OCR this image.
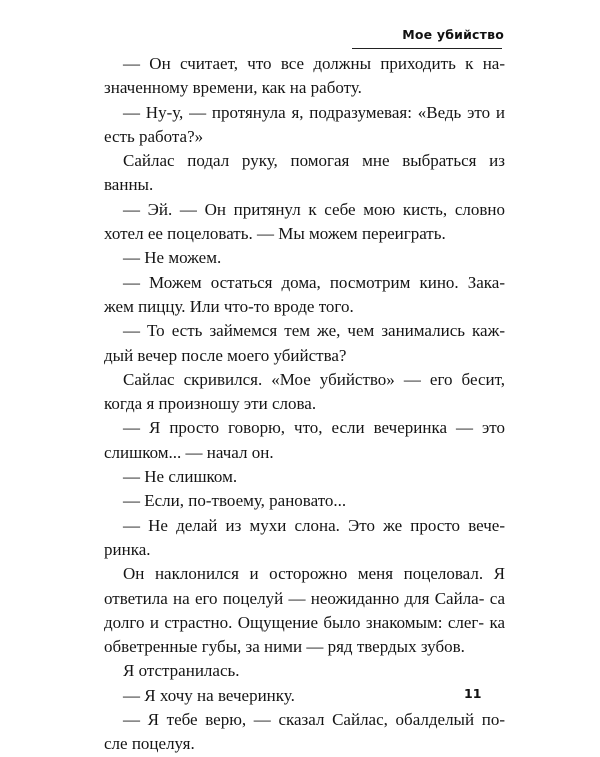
Мое убийство

— Он считает, что все должны приходить к на- значенному времени, как на работу.

— Ну-у, — протянула я, подразумевая: «Ведь это и есть работа?»

Сайлас подал руку, помогая мне выбраться из ванны.

— Эй. — Он притянул к себе мою кисть, словно хотел ее поцеловать. — Мы можем переиграть.

— Не можем.

— Можем остаться дома, посмотрим кино. Зака- жем пиццу. Или что-то вроде того.

— То есть займемся тем же, чем занимались каж- дый вечер после моего убийства?

Сайлас скривился. «Мое убийство» — его бесит, когда я произношу эти слова.

— Я просто говорю, что, если вечеринка — это слишком... — начал он.

— Не слишком.

— Если, по-твоему, рановато...

— Не делай из мухи слона. Это же просто вече- ринка.

Он наклонился и осторожно меня поцеловал. Я ответила на его поцелуй — неожиданно для Сайла- са долго и страстно. Ощущение было знакомым: слег- ка обветренные губы, за ними — ряд твердых зубов.

Я отстранилась.

— Я хочу на вечеринку.

— Я тебе верю, — сказал Сайлас, обалделый по- сле поцелуя.

11
